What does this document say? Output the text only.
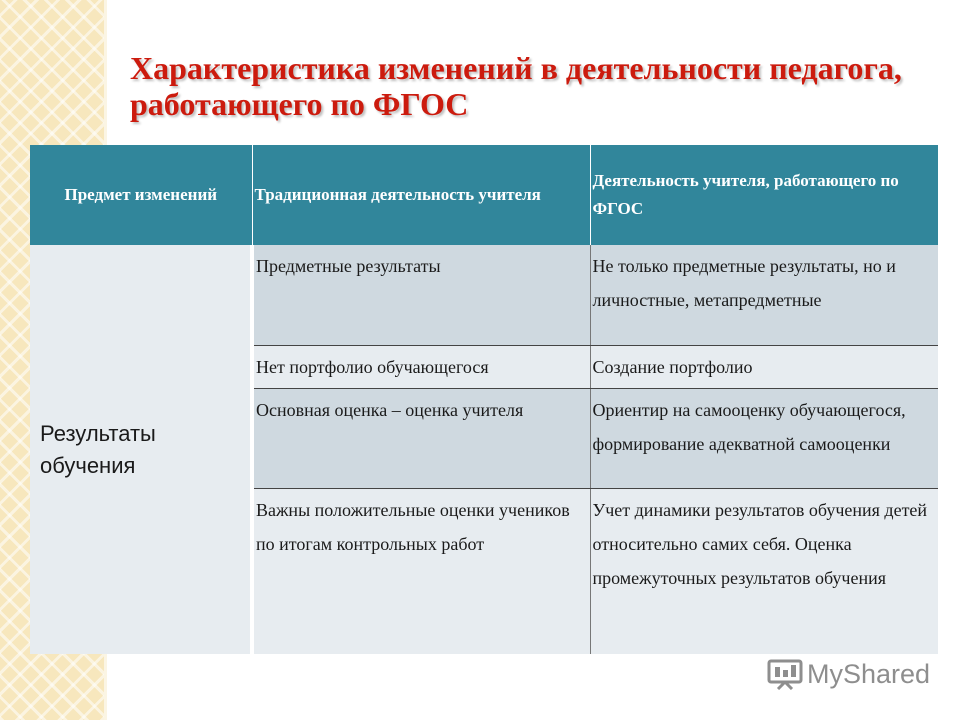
Характеристика изменений в деятельности педагога, работающего по ФГОС
Предмет изменений	Традиционная деятельность учителя	Деятельность учителя, работающего по ФГОС
Результаты обучения	Предметные результаты	Не только предметные результаты, но и личностные, метапредметные
	Нет портфолио обучающегося	Создание портфолио
	Основная оценка – оценка учителя	Ориентир на самооценку обучающегося, формирование адекватной самооценки
	Важны положительные оценки учеников по итогам контрольных работ	Учет динамики результатов обучения детей относительно самих себя. Оценка промежуточных результатов обучения
MyShared
